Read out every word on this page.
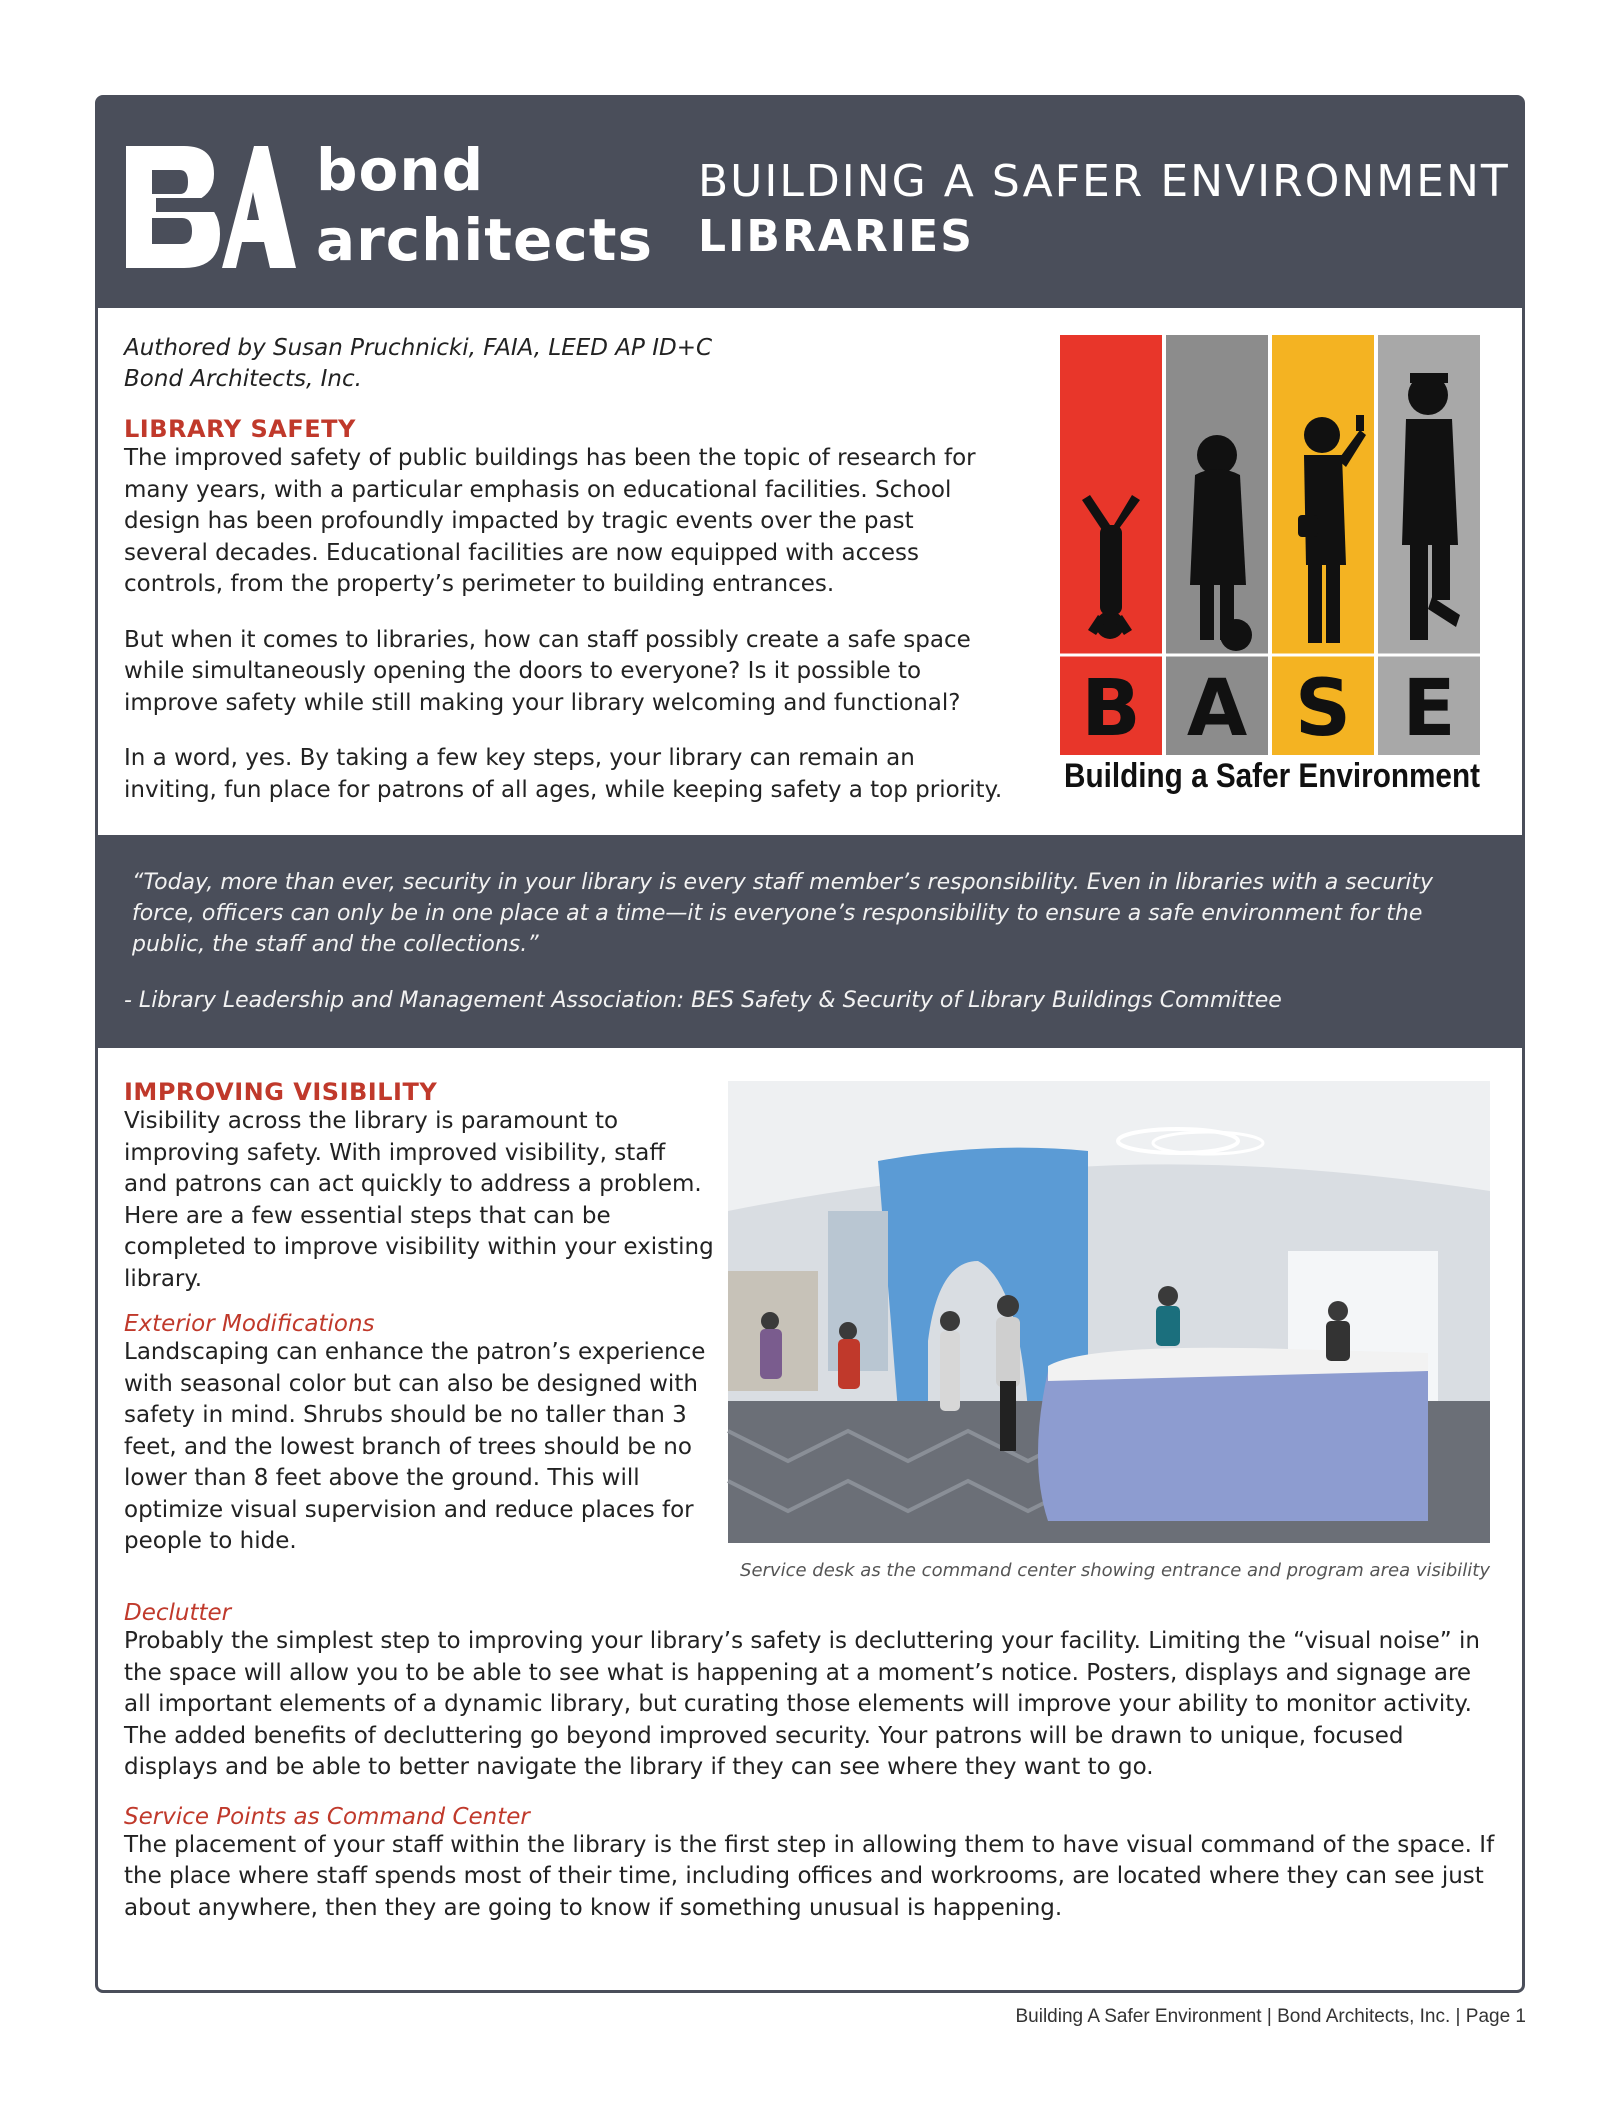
bond
architects
BUILDING A SAFER ENVIRONMENT
LIBRARIES
Authored by Susan Pruchnicki, FAIA, LEED AP ID+C
Bond Architects, Inc.
LIBRARY SAFETY

The improved safety of public buildings has been the topic of research for many years, with a particular emphasis on educational facilities. School design has been profoundly impacted by tragic events over the past several decades. Educational facilities are now equipped with access controls, from the property’s perimeter to building entrances.

But when it comes to libraries, how can staff possibly create a safe space while simultaneously opening the doors to everyone? Is it possible to improve safety while still making your library welcoming and functional?

In a word, yes. By taking a few key steps, your library can remain an inviting, fun place for patrons of all ages, while keeping safety a top priority.

B A S E
Building a Safer Environment
“Today, more than ever, security in your library is every staff member’s responsibility. Even in libraries with a security force, officers can only be in one place at a time—it is everyone’s responsibility to ensure a safe environment for the public, the staff and the collections.”
- Library Leadership and Management Association: BES Safety & Security of Library Buildings Committee
IMPROVING VISIBILITY

Visibility across the library is paramount to improving safety. With improved visibility, staff and patrons can act quickly to address a problem. Here are a few essential steps that can be completed to improve visibility within your existing library.

Exterior Modifications

Landscaping can enhance the patron’s experience with seasonal color but can also be designed with safety in mind. Shrubs should be no taller than 3 feet, and the lowest branch of trees should be no lower than 8 feet above the ground. This will optimize visual supervision and reduce places for people to hide.

Service desk as the command center showing entrance and program area visibility
Declutter

Probably the simplest step to improving your library’s safety is decluttering your facility. Limiting the “visual noise” in the space will allow you to be able to see what is happening at a moment’s notice. Posters, displays and signage are all important elements of a dynamic library, but curating those elements will improve your ability to monitor activity. The added benefits of decluttering go beyond improved security. Your patrons will be drawn to unique, focused displays and be able to better navigate the library if they can see where they want to go.

Service Points as Command Center

The placement of your staff within the library is the first step in allowing them to have visual command of the space. If the place where staff spends most of their time, including offices and workrooms, are located where they can see just about anywhere, then they are going to know if something unusual is happening.

Building A Safer Environment | Bond Architects, Inc. | Page 1
